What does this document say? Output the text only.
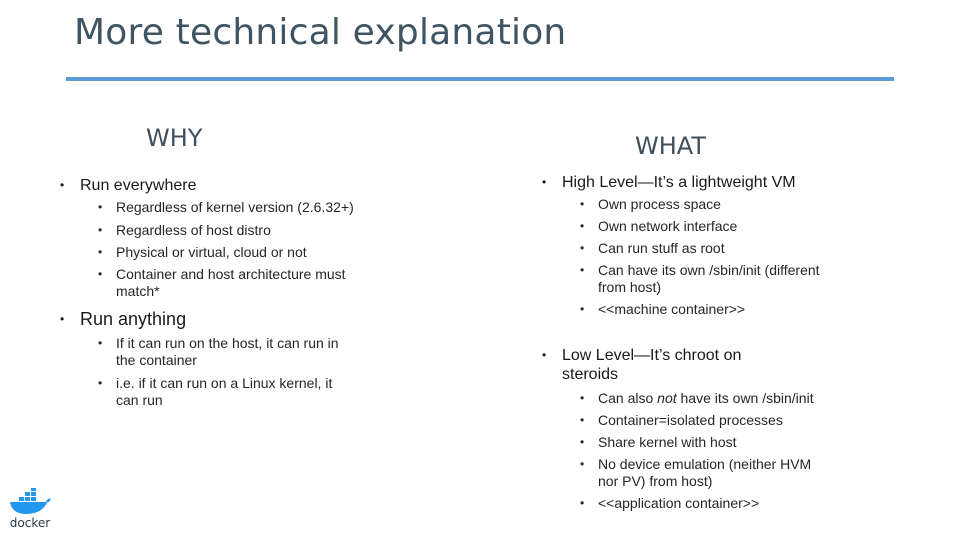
More technical explanation
WHY
• Run everywhere
• Regardless of kernel version (2.6.32+)
• Regardless of host distro
• Physical or virtual, cloud or not
• Container and host architecture must match*
• Run anything
• If it can run on the host, it can run in the container
• i.e. if it can run on a Linux kernel, it can run
WHAT
• High Level—It’s a lightweight VM
• Own process space
• Own network interface
• Can run stuff as root
• Can have its own /sbin/init (different from host)
• <<machine container>>
• Low Level—It’s chroot on steroids
• Can also not have its own /sbin/init
• Container=isolated processes
• Share kernel with host
• No device emulation (neither HVM nor PV) from host)
• <<application container>>
docker
